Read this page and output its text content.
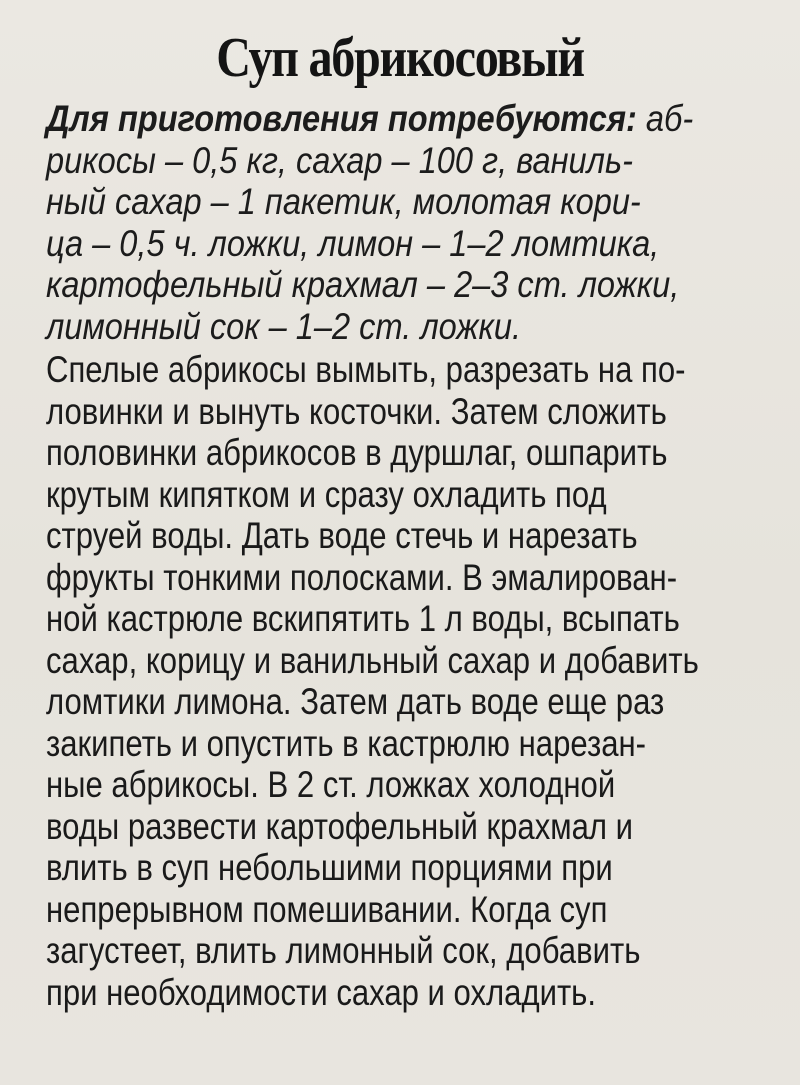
Суп абрикосовый
Для приготовления потребуются: аб-
рикосы – 0,5 кг, сахар – 100 г, ваниль-
ный сахар – 1 пакетик, молотая кори-
ца – 0,5 ч. ложки, лимон – 1–2 ломтика,
картофельный крахмал – 2–3 ст. ложки,
лимонный сок – 1–2 ст. ложки.
Спелые абрикосы вымыть, разрезать на по-
ловинки и вынуть косточки. Затем сложить
половинки абрикосов в дуршлаг, ошпарить
крутым кипятком и сразу охладить под
струей воды. Дать воде стечь и нарезать
фрукты тонкими полосками. В эмалирован-
ной кастрюле вскипятить 1 л воды, всыпать
сахар, корицу и ванильный сахар и добавить
ломтики лимона. Затем дать воде еще раз
закипеть и опустить в кастрюлю нарезан-
ные абрикосы. В 2 ст. ложках холодной
воды развести картофельный крахмал и
влить в суп небольшими порциями при
непрерывном помешивании. Когда суп
загустеет, влить лимонный сок, добавить
при необходимости сахар и охладить.
